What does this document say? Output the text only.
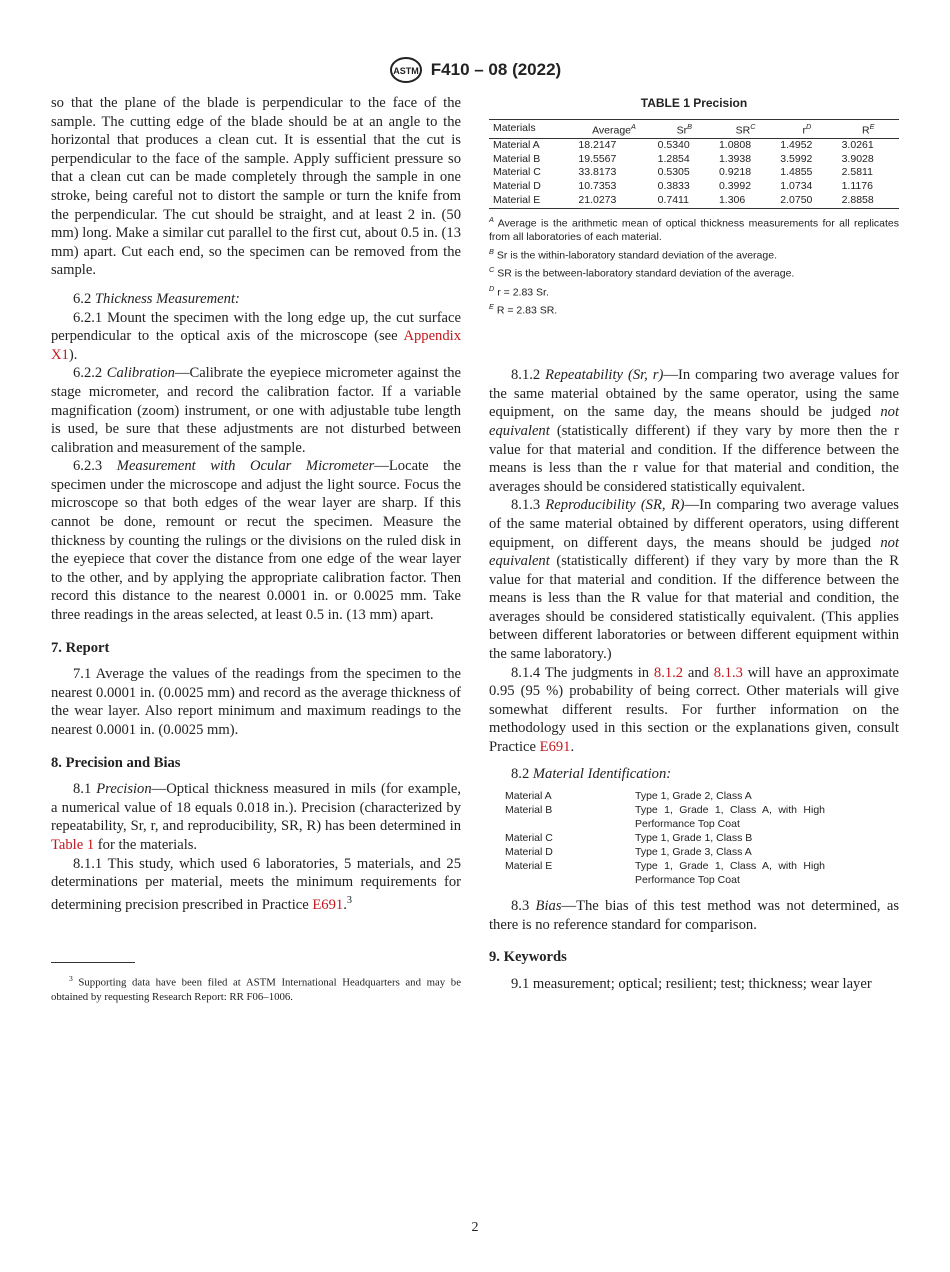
ASTM F410 – 08 (2022)

so that the plane of the blade is perpendicular to the face of the sample. The cutting edge of the blade should be at an angle to the horizontal that produces a clean cut. It is essential that the cut is perpendicular to the face of the sample. Apply sufficient pressure so that a clean cut can be made completely through the sample in one stroke, being careful not to distort the sample or turn the knife from the perpendicular. The cut should be straight, and at least 2 in. (50 mm) long. Make a similar cut parallel to the first cut, about 0.5 in. (13 mm) apart. Cut each end, so the specimen can be removed from the sample.

6.2 Thickness Measurement:

6.2.1 Mount the specimen with the long edge up, the cut surface perpendicular to the optical axis of the microscope (see Appendix X1).

6.2.2 Calibration—Calibrate the eyepiece micrometer against the stage micrometer, and record the calibration factor. If a variable magnification (zoom) instrument, or one with adjustable tube length is used, be sure that these adjustments are not disturbed between calibration and measurement of the sample.

6.2.3 Measurement with Ocular Micrometer—Locate the specimen under the microscope and adjust the light source. Focus the microscope so that both edges of the wear layer are sharp. If this cannot be done, remount or recut the specimen. Measure the thickness by counting the rulings or the divisions on the ruled disk in the eyepiece that cover the distance from one edge of the wear layer to the other, and by applying the appropriate calibration factor. Then record this distance to the nearest 0.0001 in. or 0.0025 mm. Take three readings in the areas selected, at least 0.5 in. (13 mm) apart.

7. Report

7.1 Average the values of the readings from the specimen to the nearest 0.0001 in. (0.0025 mm) and record as the average thickness of the wear layer. Also report minimum and maximum readings to the nearest 0.0001 in. (0.0025 mm).

8. Precision and Bias

8.1 Precision—Optical thickness measured in mils (for example, a numerical value of 18 equals 0.018 in.). Precision (characterized by repeatability, Sr, r, and reproducibility, SR, R) has been determined in Table 1 for the materials.

8.1.1 This study, which used 6 laboratories, 5 materials, and 25 determinations per material, meets the minimum requirements for determining precision prescribed in Practice E691.$^3$

$^3$ Supporting data have been filed at ASTM International Headquarters and may be obtained by requesting Research Report: RR F06–1006.
TABLE 1 Precision
Materials	Average$^A$	$Sr^B$	$SR^C$	$r^D$	$R^E$
Material A	18.2147	0.5340	1.0808	1.4952	3.0261
Material B	19.5567	1.2854	1.3938	3.5992	3.9028
Material C	33.8173	0.5305	0.9218	1.4855	2.5811
Material D	10.7353	0.3833	0.3992	1.0734	1.1176
Material E	21.0273	0.7411	1.306	2.0750	2.8858
$^A$ Average is the arithmetic mean of optical thickness measurements for all replicates from all laboratories of each material.
$^B$ Sr is the within-laboratory standard deviation of the average.
$^C$ SR is the between-laboratory standard deviation of the average.
$^D$ r = 2.83 Sr.
$^E$ R = 2.83 SR.

8.1.2 Repeatability (Sr, r)—In comparing two average values for the same material obtained by the same operator, using the same equipment, on the same day, the means should be judged not equivalent (statistically different) if they vary by more then the r value for that material and condition. If the difference between the means is less than the r value for that material and condition, the averages should be considered statistically equivalent.

8.1.3 Reproducibility (SR, R)—In comparing two average values of the same material obtained by different operators, using different equipment, on different days, the means should be judged not equivalent (statistically different) if they vary by more than the R value for that material and condition. If the difference between the means is less than the R value for that material and condition, the averages should be considered statistically equivalent. (This applies between different laboratories or between different equipment within the same laboratory.)

8.1.4 The judgments in 8.1.2 and 8.1.3 will have an approximate 0.95 (95 %) probability of being correct. Other materials will give somewhat different results. For further information on the methodology used in this section or the explanations given, consult Practice E691.

8.2 Material Identification:

Material A	Type 1, Grade 2, Class A
Material B	Type 1, Grade 1, Class A, with High Performance Top Coat
Material C	Type 1, Grade 1, Class B
Material D	Type 1, Grade 3, Class A
Material E	Type 1, Grade 1, Class A, with High Performance Top Coat

8.3 Bias—The bias of this test method was not determined, as there is no reference standard for comparison.

9. Keywords

9.1 measurement; optical; resilient; test; thickness; wear layer

2
